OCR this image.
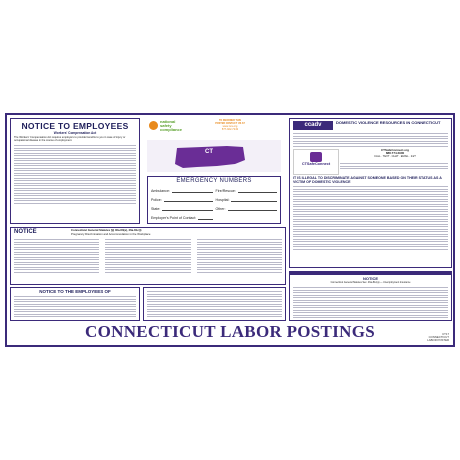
NOTICE TO EMPLOYEES
Workers' Compensation Act
The Workers' Compensation Act requires employers to provide benefits to you in case of injury or occupational disease in the course of employment.
national
safety
compliance
TO REORDER THIS POSTER CONTACT US AT
www.ncs.org
877-922-7243
CT
EMERGENCY NUMBERS
Ambulance:
Police:
State:
Employer's Point of Contact:
Fire/Rescue:
Hospital:
Other:
ccadv	DOMESTIC VIOLENCE RESOURCES IN CONNECTICUT
CTSafeConnect
CTSafeConnect.org
888.774.2900
CALL · TEXT · CHAT · EMAIL · 24/7
IT IS ILLEGAL TO DISCRIMINATE AGAINST SOMEONE BASED ON THEIR STATUS AS A VICTIM OF DOMESTIC VIOLENCE
NOTICE	Connecticut General Statutes §§ 46a-60(a), 46a-81c(i)
Pregnancy Discrimination and Accommodation in the Workplace
NOTICE TO THE EMPLOYEES OF
NOTICE
Connecticut General Statutes Sec. 46a-81c(a) — Unemployment Insurance
CONNECTICUT LABOR POSTINGS	CT17
CONNECTICUT
LABOR POSTER
